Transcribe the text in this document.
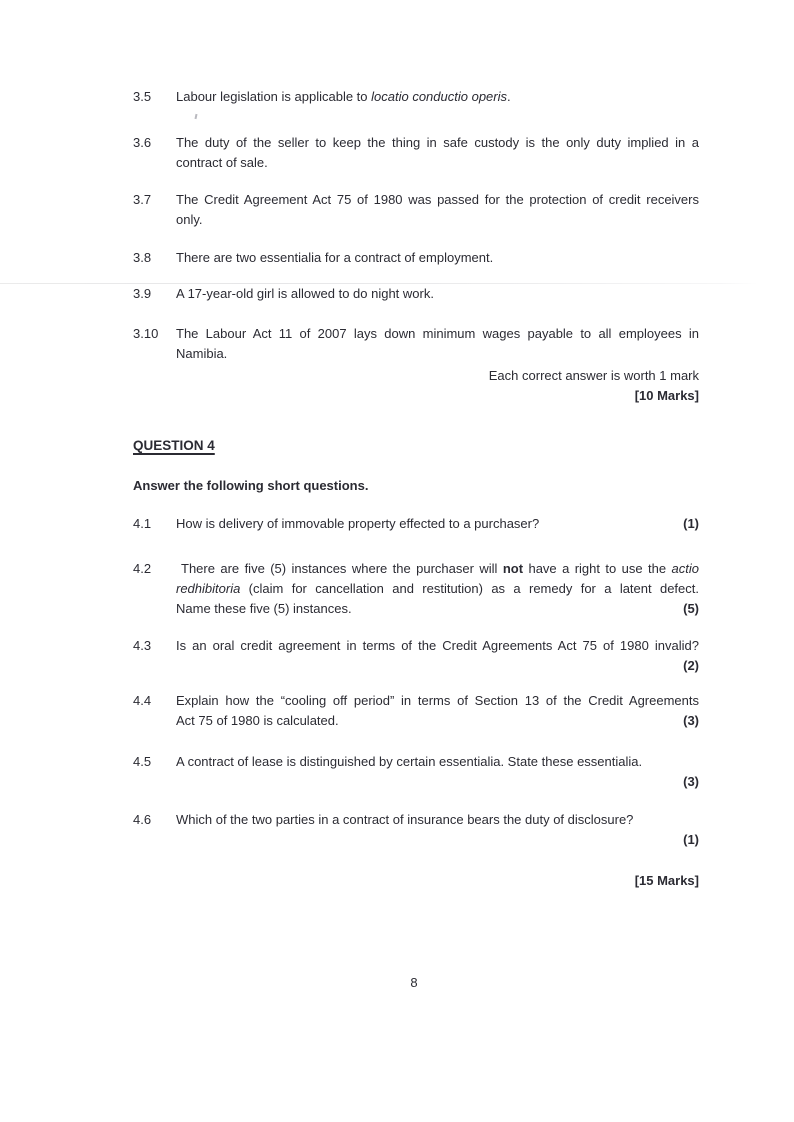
3.5	Labour legislation is applicable to locatio conductio operis.
3.6	The duty of the seller to keep the thing in safe custody is the only duty implied in a
contract of sale.
3.7	The Credit Agreement Act 75 of 1980 was passed for the protection of credit receivers
only.
3.8	There are two essentialia for a contract of employment.
3.9	A 17-year-old girl is allowed to do night work.
3.10	The Labour Act 11 of 2007 lays down minimum wages payable to all employees in
Namibia.
Each correct answer is worth 1 mark
[10 Marks]
QUESTION 4
Answer the following short questions.
4.1	How is delivery of immovable property effected to a purchaser?	(1)
4.2	There are five (5) instances where the purchaser will not have a right to use the actio
redhibitoria (claim for cancellation and restitution) as a remedy for a latent defect.
Name these five (5) instances.	(5)
4.3	Is an oral credit agreement in terms of the Credit Agreements Act 75 of 1980 invalid?
(2)
4.4	Explain how the “cooling off period” in terms of Section 13 of the Credit Agreements
Act 75 of 1980 is calculated.	(3)
4.5	A contract of lease is distinguished by certain essentialia. State these essentialia.
(3)
4.6	Which of the two parties in a contract of insurance bears the duty of disclosure?
(1)
[15 Marks]
8
